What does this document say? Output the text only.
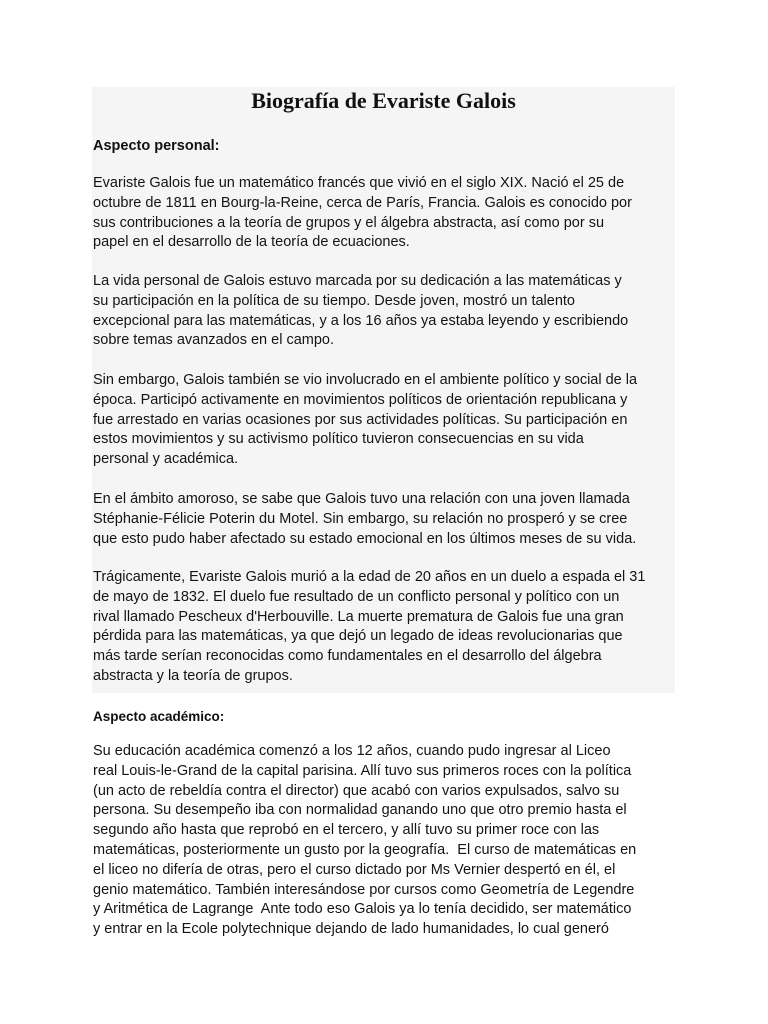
Biografía de Evariste Galois
Aspecto personal:
Evariste Galois fue un matemático francés que vivió en el siglo XIX. Nació el 25 de
octubre de 1811 en Bourg-la-Reine, cerca de París, Francia. Galois es conocido por
sus contribuciones a la teoría de grupos y el álgebra abstracta, así como por su
papel en el desarrollo de la teoría de ecuaciones.
La vida personal de Galois estuvo marcada por su dedicación a las matemáticas y
su participación en la política de su tiempo. Desde joven, mostró un talento
excepcional para las matemáticas, y a los 16 años ya estaba leyendo y escribiendo
sobre temas avanzados en el campo.
Sin embargo, Galois también se vio involucrado en el ambiente político y social de la
época. Participó activamente en movimientos políticos de orientación republicana y
fue arrestado en varias ocasiones por sus actividades políticas. Su participación en
estos movimientos y su activismo político tuvieron consecuencias en su vida
personal y académica.
En el ámbito amoroso, se sabe que Galois tuvo una relación con una joven llamada
Stéphanie-Félicie Poterin du Motel. Sin embargo, su relación no prosperó y se cree
que esto pudo haber afectado su estado emocional en los últimos meses de su vida.
Trágicamente, Evariste Galois murió a la edad de 20 años en un duelo a espada el 31
de mayo de 1832. El duelo fue resultado de un conflicto personal y político con un
rival llamado Pescheux d'Herbouville. La muerte prematura de Galois fue una gran
pérdida para las matemáticas, ya que dejó un legado de ideas revolucionarias que
más tarde serían reconocidas como fundamentales en el desarrollo del álgebra
abstracta y la teoría de grupos.
Aspecto académico:
Su educación académica comenzó a los 12 años, cuando pudo ingresar al Liceo
real Louis-le-Grand de la capital parisina. Allí tuvo sus primeros roces con la política
(un acto de rebeldía contra el director) que acabó con varios expulsados, salvo su
persona. Su desempeño iba con normalidad ganando uno que otro premio hasta el
segundo año hasta que reprobó en el tercero, y allí tuvo su primer roce con las
matemáticas, posteriormente un gusto por la geografía.  El curso de matemáticas en
el liceo no difería de otras, pero el curso dictado por Ms Vernier despertó en él, el
genio matemático. También interesándose por cursos como Geometría de Legendre
y Aritmética de Lagrange  Ante todo eso Galois ya lo tenía decidido, ser matemático
y entrar en la Ecole polytechnique dejando de lado humanidades, lo cual generó
